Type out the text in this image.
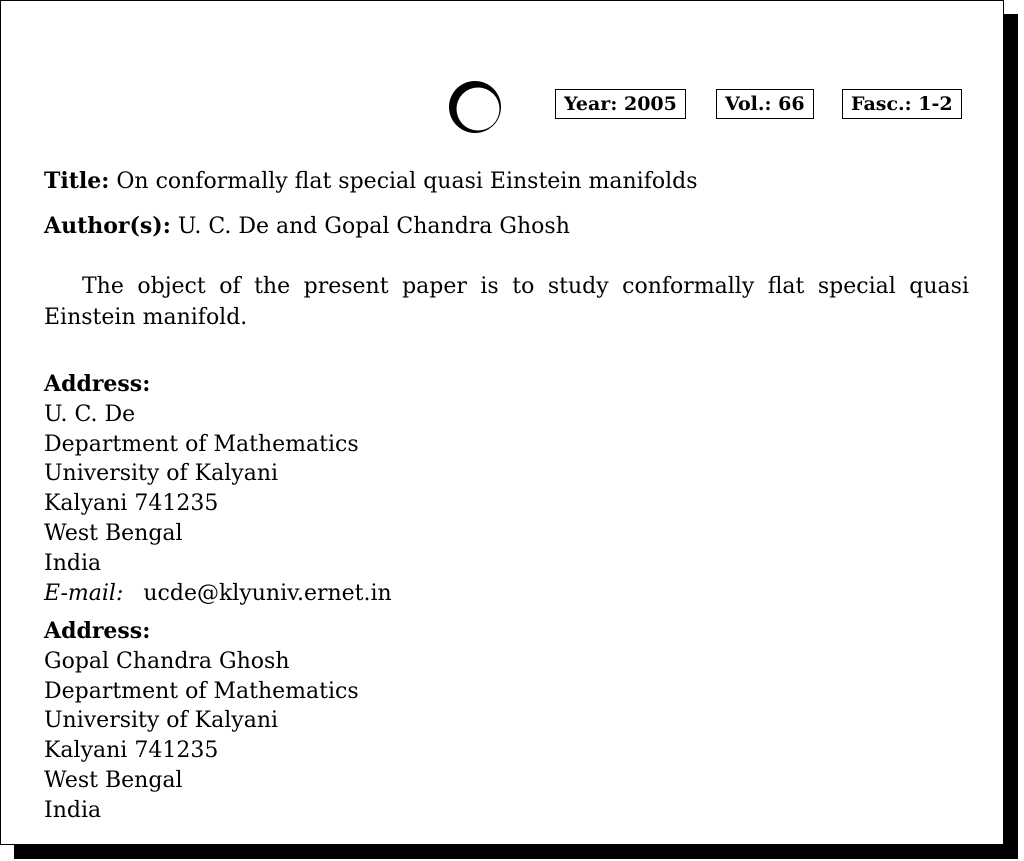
Year: 2005	Vol.: 66	Fasc.: 1-2
Title: On conformally flat special quasi Einstein manifolds
Author(s): U. C. De and Gopal Chandra Ghosh
The object of the present paper is to study conformally flat special quasi Einstein manifold.
Address:
U. C. De
Department of Mathematics
University of Kalyani
Kalyani 741235
West Bengal
India
E-mail: ucde@klyuniv.ernet.in
Address:
Gopal Chandra Ghosh
Department of Mathematics
University of Kalyani
Kalyani 741235
West Bengal
India
